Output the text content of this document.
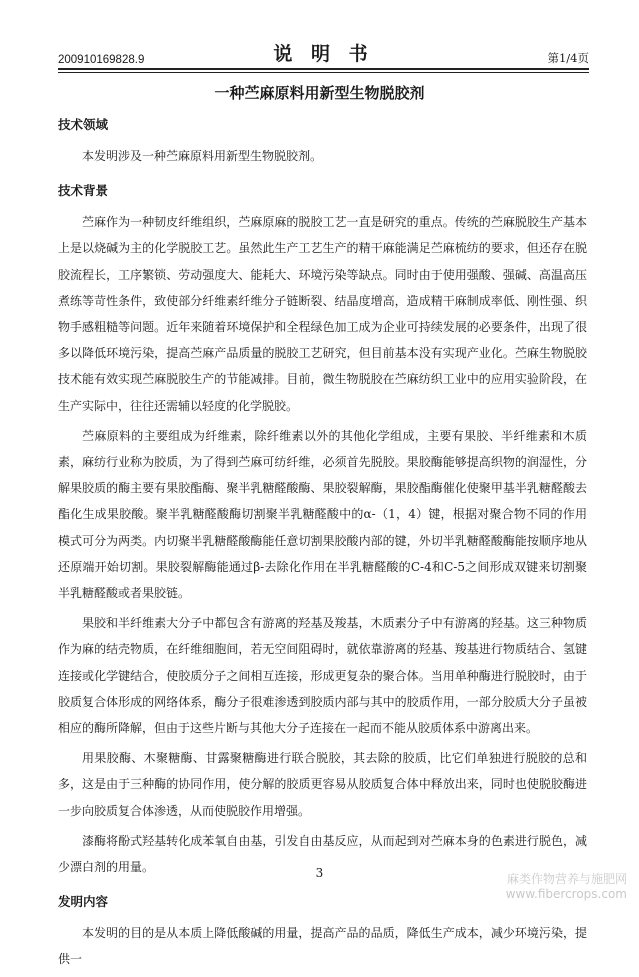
200910169828.9	说 明 书	第1/4页
一种苎麻原料用新型生物脱胶剂
技术领域

本发明涉及一种苎麻原料用新型生物脱胶剂。

技术背景

苎麻作为一种韧皮纤维组织，苎麻原麻的脱胶工艺一直是研究的重点。传统的苎麻脱胶生产基本上是以烧碱为主的化学脱胶工艺。虽然此生产工艺生产的精干麻能满足苎麻梳纺的要求，但还存在脱胶流程长，工序繁锁、劳动强度大、能耗大、环境污染等缺点。同时由于使用强酸、强碱、高温高压煮练等苛性条件，致使部分纤维素纤维分子链断裂、结晶度增高，造成精干麻制成率低、刚性强、织物手感粗糙等问题。近年来随着环境保护和全程绿色加工成为企业可持续发展的必要条件，出现了很多以降低环境污染，提高苎麻产品质量的脱胶工艺研究，但目前基本没有实现产业化。苎麻生物脱胶技术能有效实现苎麻脱胶生产的节能减排。目前，微生物脱胶在苎麻纺织工业中的应用实验阶段，在生产实际中，往往还需辅以轻度的化学脱胶。

苎麻原料的主要组成为纤维素，除纤维素以外的其他化学组成，主要有果胶、半纤维素和木质素，麻纺行业称为胶质，为了得到苎麻可纺纤维，必须首先脱胶。果胶酶能够提高织物的润湿性，分解果胶质的酶主要有果胶酯酶、聚半乳糖醛酸酶、果胶裂解酶，果胶酯酶催化使聚甲基半乳糖醛酸去酯化生成果胶酸。聚半乳糖醛酸酶切割聚半乳糖醛酸中的α-（1，4）键，根据对聚合物不同的作用模式可分为两类。内切聚半乳糖醛酸酶能任意切割果胶酸内部的键，外切半乳糖醛酸酶能按顺序地从还原端开始切割。果胶裂解酶能通过β-去除化作用在半乳糖醛酸的C-4和C-5之间形成双键来切割聚半乳糖醛酸或者果胶链。

果胶和半纤维素大分子中都包含有游离的羟基及羧基，木质素分子中有游离的羟基。这三种物质作为麻的结壳物质，在纤维细胞间，若无空间阻碍时，就依靠游离的羟基、羧基进行物质结合、氢键连接或化学键结合，使胶质分子之间相互连接，形成更复杂的聚合体。当用单种酶进行脱胶时，由于胶质复合体形成的网络体系，酶分子很难渗透到胶质内部与其中的胶质作用，一部分胶质大分子虽被相应的酶所降解，但由于这些片断与其他大分子连接在一起而不能从胶质体系中游离出来。

用果胶酶、木聚糖酶、甘露聚糖酶进行联合脱胶，其去除的胶质，比它们单独进行脱胶的总和多，这是由于三种酶的协同作用，使分解的胶质更容易从胶质复合体中释放出来，同时也使脱胶酶进一步向胶质复合体渗透，从而使脱胶作用增强。

漆酶将酚式羟基转化成苯氧自由基，引发自由基反应，从而起到对苎麻本身的色素进行脱色，减少漂白剂的用量。

发明内容

本发明的目的是从本质上降低酸碱的用量，提高产品的品质，降低生产成本，减少环境污染，提供一

3	麻类作物营养与施肥网
www.fibercrops.com
